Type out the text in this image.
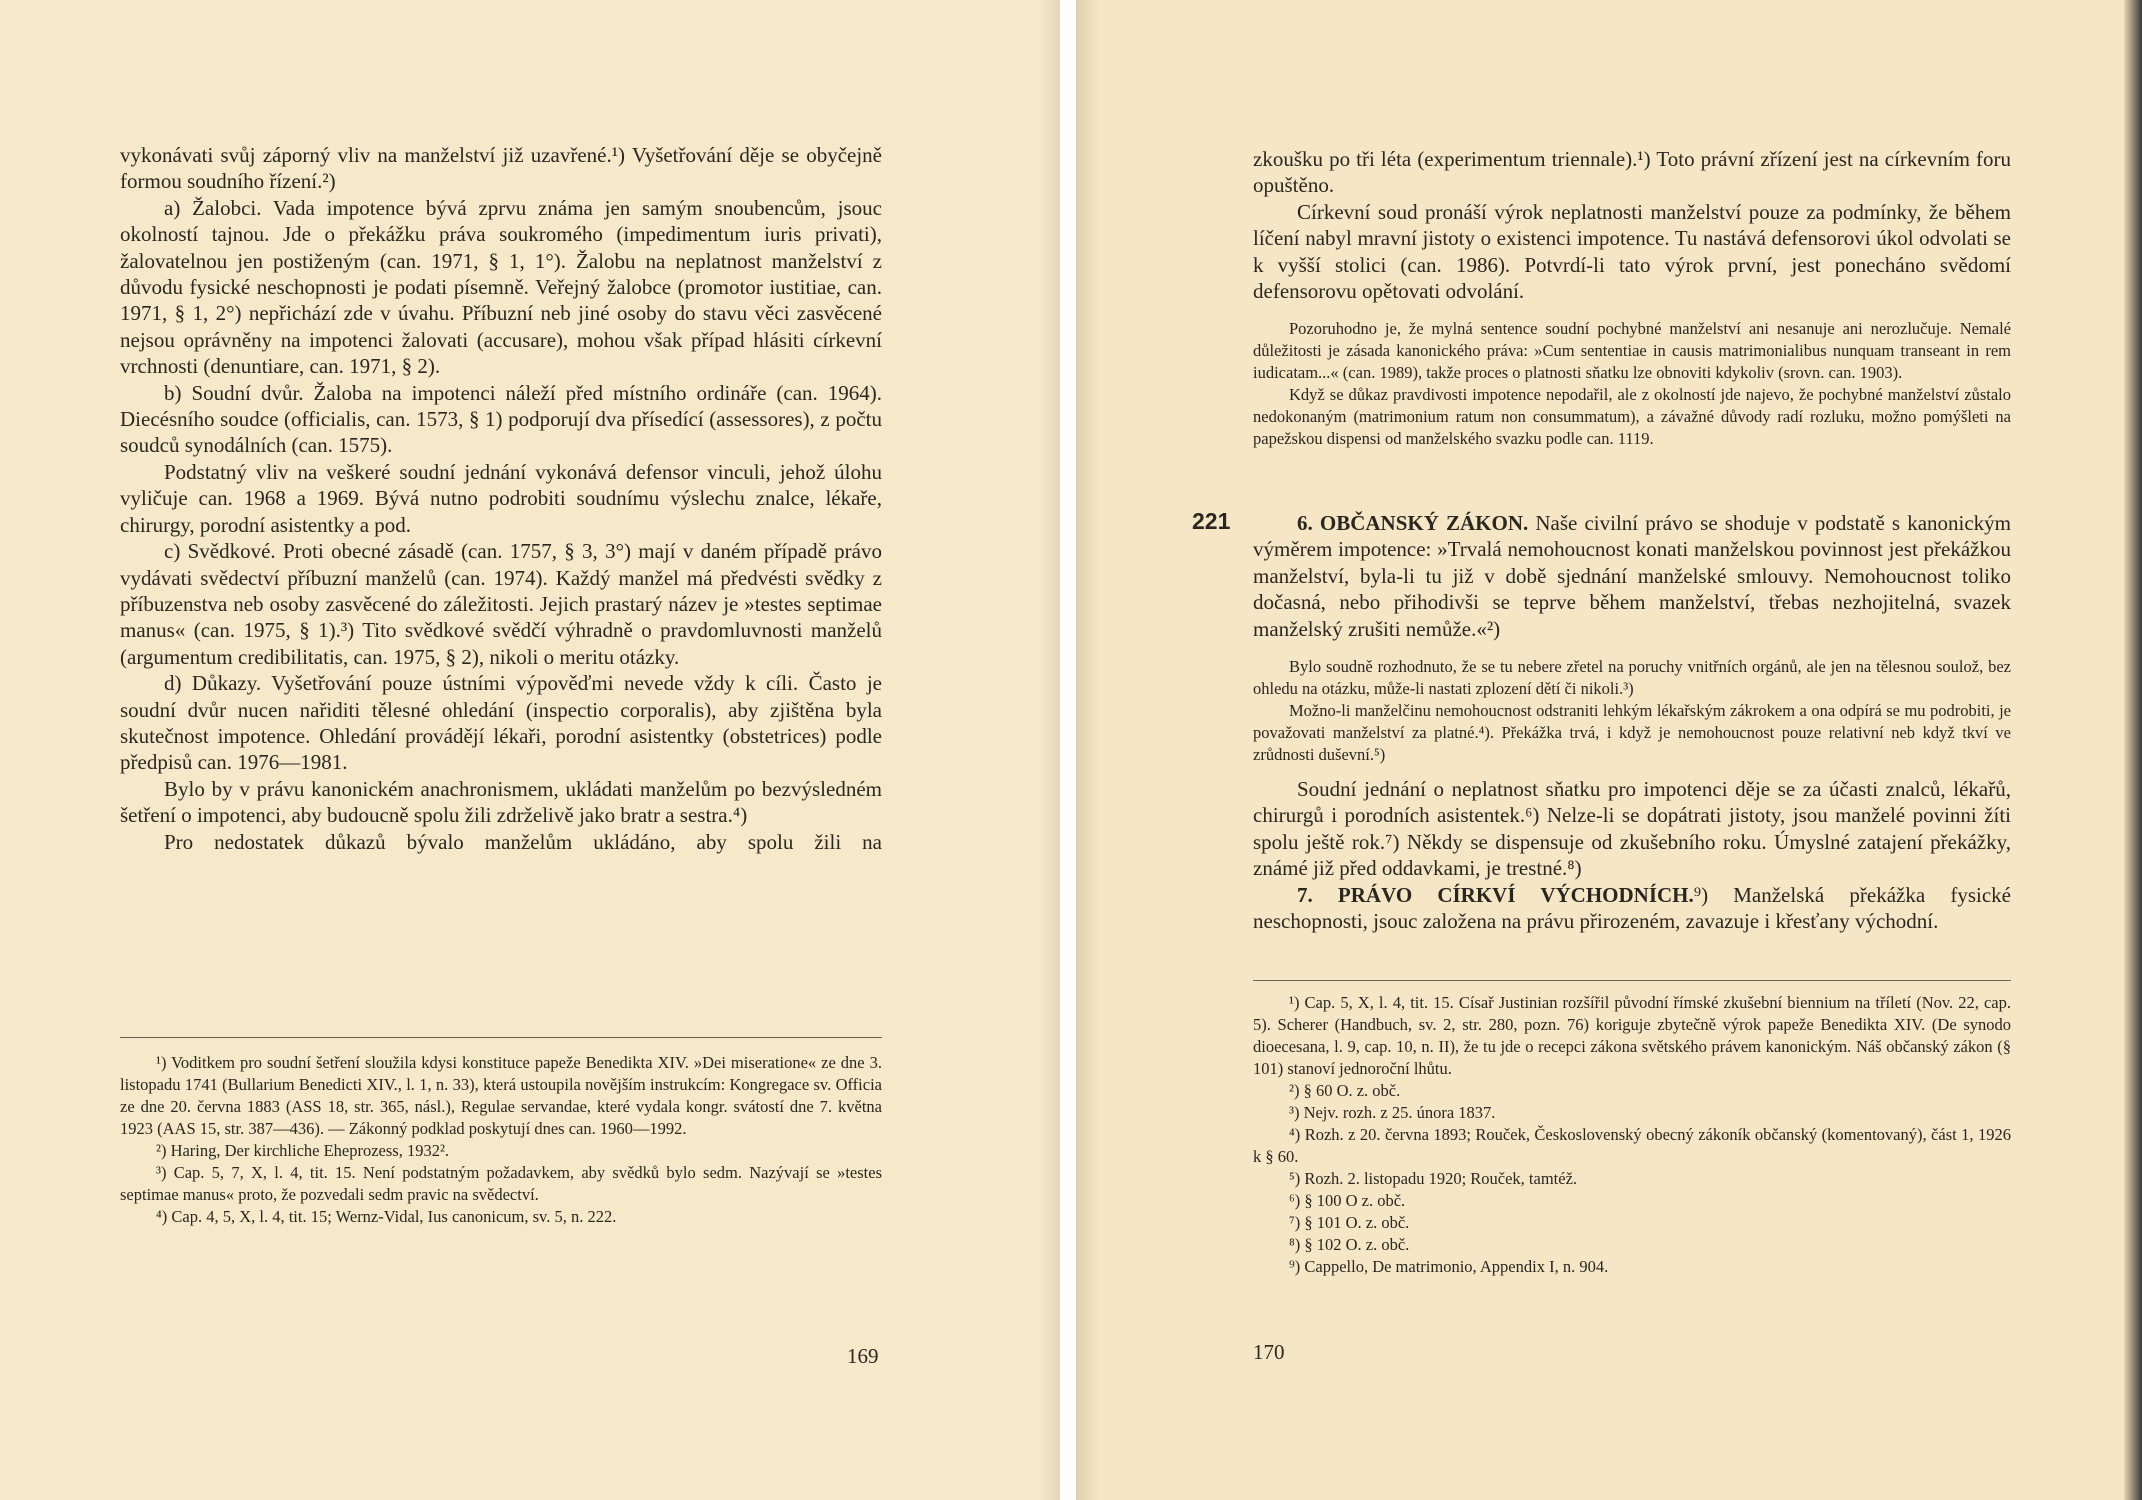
vykonávati svůj záporný vliv na manželství již uzavřené.¹) Vyšetřování děje se obyčejně formou soudního řízení.²)

a) Žalobci. Vada impotence bývá zprvu známa jen samým snoubencům, jsouc okolností tajnou. Jde o překážku práva soukromého (impedimentum iuris privati), žalovatelnou jen postiženým (can. 1971, § 1, 1°). Žalobu na neplatnost manželství z důvodu fysické neschopnosti je podati písemně. Veřejný žalobce (promotor iustitiae, can. 1971, § 1, 2°) nepřichází zde v úvahu. Příbuzní neb jiné osoby do stavu věci zasvěcené nejsou oprávněny na impotenci žalovati (accusare), mohou však případ hlásiti církevní vrchnosti (denuntiare, can. 1971, § 2).

b) Soudní dvůr. Žaloba na impotenci náleží před místního ordináře (can. 1964). Diecésního soudce (officialis, can. 1573, § 1) podporují dva přísedící (assessores), z počtu soudců synodálních (can. 1575).

Podstatný vliv na veškeré soudní jednání vykonává defensor vinculi, jehož úlohu vyličuje can. 1968 a 1969. Bývá nutno podrobiti soudnímu výslechu znalce, lékaře, chirurgy, porodní asistentky a pod.

c) Svědkové. Proti obecné zásadě (can. 1757, § 3, 3°) mají v daném případě právo vydávati svědectví příbuzní manželů (can. 1974). Každý manžel má předvésti svědky z příbuzenstva neb osoby zasvěcené do záležitosti. Jejich prastarý název je »testes septimae manus« (can. 1975, § 1).³) Tito svědkové svědčí výhradně o pravdomluvnosti manželů (argumentum credibilitatis, can. 1975, § 2), nikoli o meritu otázky.

d) Důkazy. Vyšetřování pouze ústními výpověďmi nevede vždy k cíli. Často je soudní dvůr nucen nařiditi tělesné ohledání (inspectio corporalis), aby zjištěna byla skutečnost impotence. Ohledání provádějí lékaři, porodní asistentky (obstetrices) podle předpisů can. 1976—1981.

Bylo by v právu kanonickém anachronismem, ukládati manželům po bezvýsledném šetření o impotenci, aby budoucně spolu žili zdrželivě jako bratr a sestra.⁴)

Pro nedostatek důkazů bývalo manželům ukládáno, aby spolu žili na

¹) Voditkem pro soudní šetření sloužila kdysi konstituce papeže Benedikta XIV. »Dei miseratione« ze dne 3. listopadu 1741 (Bullarium Benedicti XIV., l. 1, n. 33), která ustoupila novějším instrukcím: Kongregace sv. Officia ze dne 20. června 1883 (ASS 18, str. 365, násl.), Regulae servandae, které vydala kongr. svátostí dne 7. května 1923 (AAS 15, str. 387—436). — Zákonný podklad poskytují dnes can. 1960—1992.

²) Haring, Der kirchliche Eheprozess, 1932².

³) Cap. 5, 7, X, l. 4, tit. 15. Není podstatným požadavkem, aby svědků bylo sedm. Nazývají se »testes septimae manus« proto, že pozvedali sedm pravic na svědectví.

⁴) Cap. 4, 5, X, l. 4, tit. 15; Wernz-Vidal, Ius canonicum, sv. 5, n. 222.

169

zkoušku po tři léta (experimentum triennale).¹) Toto právní zřízení jest na církevním foru opuštěno.

Církevní soud pronáší výrok neplatnosti manželství pouze za podmínky, že během líčení nabyl mravní jistoty o existenci impotence. Tu nastává defensorovi úkol odvolati se k vyšší stolici (can. 1986). Potvrdí-li tato výrok první, jest ponecháno svědomí defensorovu opětovati odvolání.

Pozoruhodno je, že mylná sentence soudní pochybné manželství ani nesanuje ani nerozlučuje. Nemalé důležitosti je zásada kanonického práva: »Cum sententiae in causis matrimonialibus nunquam transeant in rem iudicatam...« (can. 1989), takže proces o platnosti sňatku lze obnoviti kdykoliv (srovn. can. 1903).

Když se důkaz pravdivosti impotence nepodařil, ale z okolností jde najevo, že pochybné manželství zůstalo nedokonaným (matrimonium ratum non consummatum), a závažné důvody radí rozluku, možno pomýšleti na papežskou dispensi od manželského svazku podle can. 1119.

221	6. OBČANSKÝ ZÁKON. Naše civilní právo se shoduje v podstatě s kanonickým výměrem impotence: »Trvalá nemohoucnost konati manželskou povinnost jest překážkou manželství, byla-li tu již v době sjednání manželské smlouvy. Nemohoucnost toliko dočasná, nebo přihodivši se teprve během manželství, třebas nezhojitelná, svazek manželský zrušiti nemůže.«²)

Bylo soudně rozhodnuto, že se tu nebere zřetel na poruchy vnitřních orgánů, ale jen na tělesnou soulož, bez ohledu na otázku, může-li nastati zplození dětí či nikoli.³)

Možno-li manželčinu nemohoucnost odstraniti lehkým lékařským zákrokem a ona odpírá se mu podrobiti, je považovati manželství za platné.⁴). Překážka trvá, i když je nemohoucnost pouze relativní neb když tkví ve zrůdnosti duševní.⁵)

Soudní jednání o neplatnost sňatku pro impotenci děje se za účasti znalců, lékařů, chirurgů i porodních asistentek.⁶) Nelze-li se dopátrati jistoty, jsou manželé povinni žíti spolu ještě rok.⁷) Někdy se dispensuje od zkušebního roku. Úmyslné zatajení překážky, známé již před oddavkami, je trestné.⁸)

7. PRÁVO CÍRKVÍ VÝCHODNÍCH.⁹) Manželská překážka fysické neschopnosti, jsouc založena na právu přirozeném, zavazuje i křesťany východní.

¹) Cap. 5, X, l. 4, tit. 15. Císař Justinian rozšířil původní římské zkušební biennium na tříletí (Nov. 22, cap. 5). Scherer (Handbuch, sv. 2, str. 280, pozn. 76) koriguje zbytečně výrok papeže Benedikta XIV. (De synodo dioecesana, l. 9, cap. 10, n. II), že tu jde o recepci zákona světského právem kanonickým. Náš občanský zákon (§ 101) stanoví jednoroční lhůtu.

²) § 60 O. z. obč.

³) Nejv. rozh. z 25. února 1837.

⁴) Rozh. z 20. června 1893; Rouček, Československý obecný zákoník občanský (komentovaný), část 1, 1926 k § 60.

⁵) Rozh. 2. listopadu 1920; Rouček, tamtéž.

⁶) § 100 O z. obč.

⁷) § 101 O. z. obč.

⁸) § 102 O. z. obč.

⁹) Cappello, De matrimonio, Appendix I, n. 904.

170
